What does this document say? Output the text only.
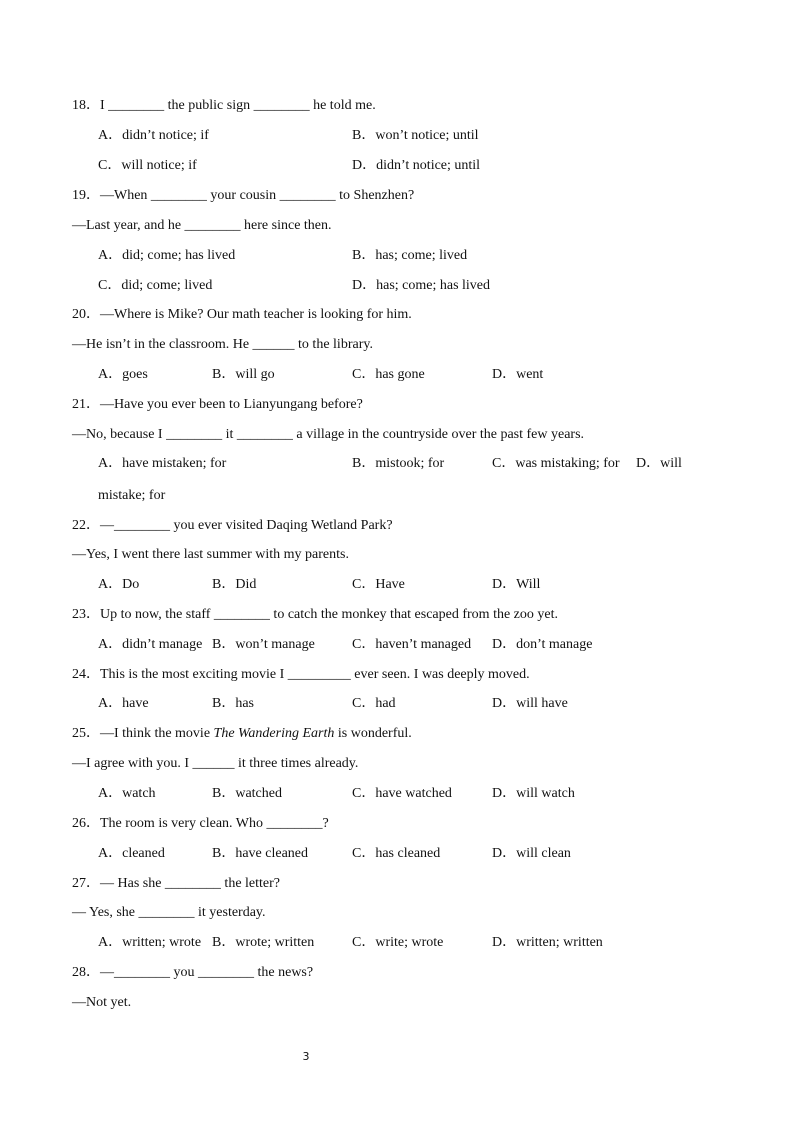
18．I ________ the public sign ________ he told me.
A．didn’t notice; if	B．won’t notice; until
C．will notice; if	D．didn’t notice; until
19．—When ________ your cousin ________ to Shenzhen?
—Last year, and he ________ here since then.
A．did; come; has lived	B．has; come; lived
C．did; come; lived	D．has; come; has lived
20．—Where is Mike? Our math teacher is looking for him.
—He isn’t in the classroom. He ______ to the library.
A．goes	B．will go	C．has gone	D．went
21．—Have you ever been to Lianyungang before?
—No, because I ________ it ________ a village in the countryside over the past few years.
A．have mistaken; for	B．mistook; for	C．was mistaking; for D．will
mistake; for
22．—________ you ever visited Daqing Wetland Park?
—Yes, I went there last summer with my parents.
A．Do	B．Did	C．Have	D．Will
23．Up to now, the staff ________ to catch the monkey that escaped from the zoo yet.
A．didn’t manage B．won’t manage	C．haven’t managed D．don’t manage
24．This is the most exciting movie I _________ ever seen. I was deeply moved.
A．have	B．has	C．had	D．will have
25．—I think the movie The Wandering Earth is wonderful.
—I agree with you. I ______ it three times already.
A．watch	B．watched	C．have watched	D．will watch
26．The room is very clean. Who ________?
A．cleaned	B．have cleaned	C．has cleaned	D．will clean
27．— Has she ________ the letter?
— Yes, she ________ it yesterday.
A．written; wrote B．wrote; written	C．write; wrote	D．written; written
28．—________ you ________ the news?
—Not yet.
3
